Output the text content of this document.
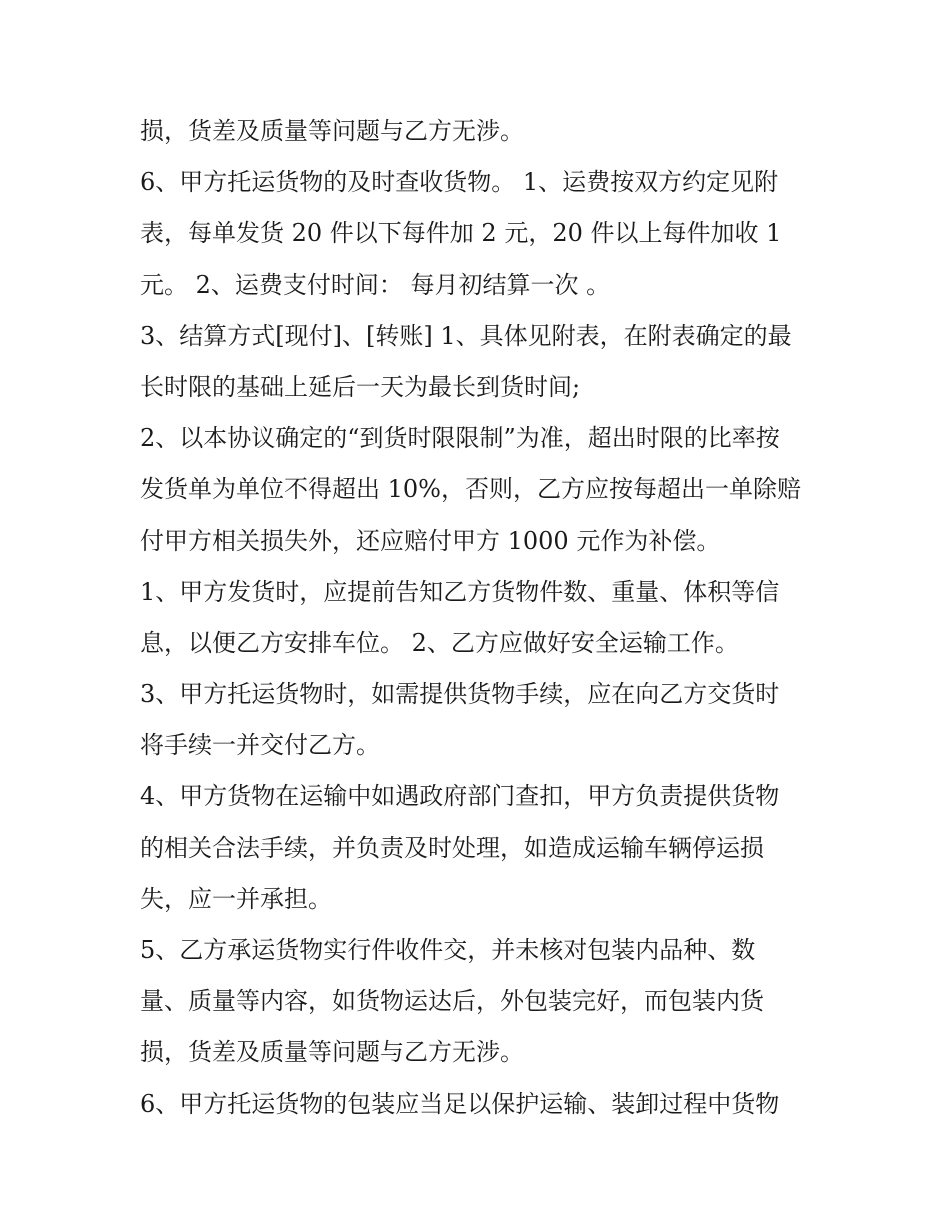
损，货差及质量等问题与乙方无涉。
6、甲方托运货物的及时查收货物。 1、运费按双方约定见附
表，每单发货 20 件以下每件加 2 元，20 件以上每件加收 1
元。 2、运费支付时间： 每月初结算一次 。
3、结算方式[现付]、[转账] 1、具体见附表，在附表确定的最
长时限的基础上延后一天为最长到货时间;
2、以本协议确定的“到货时限限制”为准，超出时限的比率按
发货单为单位不得超出 10%，否则，乙方应按每超出一单除赔
付甲方相关损失外，还应赔付甲方 1000 元作为补偿。
1、甲方发货时，应提前告知乙方货物件数、重量、体积等信
息，以便乙方安排车位。 2、乙方应做好安全运输工作。
3、甲方托运货物时，如需提供货物手续，应在向乙方交货时
将手续一并交付乙方。
4、甲方货物在运输中如遇政府部门查扣，甲方负责提供货物
的相关合法手续，并负责及时处理，如造成运输车辆停运损
失，应一并承担。
5、乙方承运货物实行件收件交，并未核对包装内品种、数
量、质量等内容，如货物运达后，外包装完好，而包装内货
损，货差及质量等问题与乙方无涉。
6、甲方托运货物的包装应当足以保护运输、装卸过程中货物
